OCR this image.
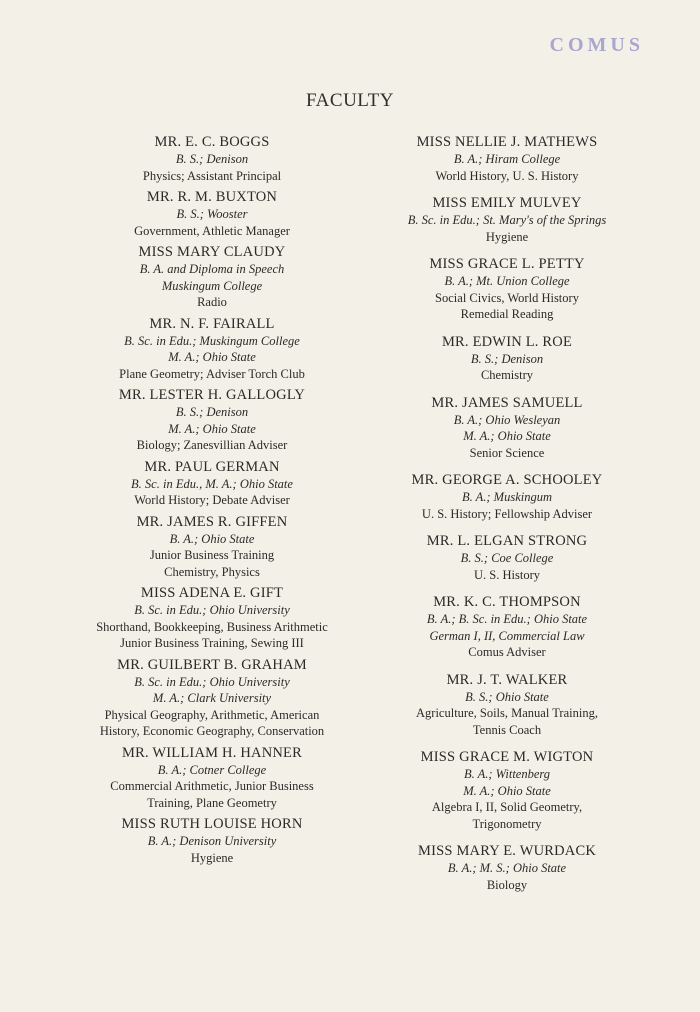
COMUS
FACULTY
MR. E. C. BOGGS
B. S.; Denison
Physics; Assistant Principal
MR. R. M. BUXTON
B. S.; Wooster
Government, Athletic Manager
MISS MARY CLAUDY
B. A. and Diploma in Speech
Muskingum College
Radio
MR. N. F. FAIRALL
B. Sc. in Edu.; Muskingum College
M. A.; Ohio State
Plane Geometry; Adviser Torch Club
MR. LESTER H. GALLOGLY
B. S.; Denison
M. A.; Ohio State
Biology; Zanesvillian Adviser
MR. PAUL GERMAN
B. Sc. in Edu., M. A.; Ohio State
World History; Debate Adviser
MR. JAMES R. GIFFEN
B. A.; Ohio State
Junior Business Training
Chemistry, Physics
MISS ADENA E. GIFT
B. Sc. in Edu.; Ohio University
Shorthand, Bookkeeping, Business Arithmetic
Junior Business Training, Sewing III
MR. GUILBERT B. GRAHAM
B. Sc. in Edu.; Ohio University
M. A.; Clark University
Physical Geography, Arithmetic, American
History, Economic Geography, Conservation
MR. WILLIAM H. HANNER
B. A.; Cotner College
Commercial Arithmetic, Junior Business
Training, Plane Geometry
MISS RUTH LOUISE HORN
B. A.; Denison University
Hygiene
MISS NELLIE J. MATHEWS
B. A.; Hiram College
World History, U. S. History
MISS EMILY MULVEY
B. Sc. in Edu.; St. Mary's of the Springs
Hygiene
MISS GRACE L. PETTY
B. A.; Mt. Union College
Social Civics, World History
Remedial Reading
MR. EDWIN L. ROE
B. S.; Denison
Chemistry
MR. JAMES SAMUELL
B. A.; Ohio Wesleyan
M. A.; Ohio State
Senior Science
MR. GEORGE A. SCHOOLEY
B. A.; Muskingum
U. S. History; Fellowship Adviser
MR. L. ELGAN STRONG
B. S.; Coe College
U. S. History
MR. K. C. THOMPSON
B. A.; B. Sc. in Edu.; Ohio State
German I, II, Commercial Law
Comus Adviser
MR. J. T. WALKER
B. S.; Ohio State
Agriculture, Soils, Manual Training,
Tennis Coach
MISS GRACE M. WIGTON
B. A.; Wittenberg
M. A.; Ohio State
Algebra I, II, Solid Geometry,
Trigonometry
MISS MARY E. WURDACK
B. A.; M. S.; Ohio State
Biology
